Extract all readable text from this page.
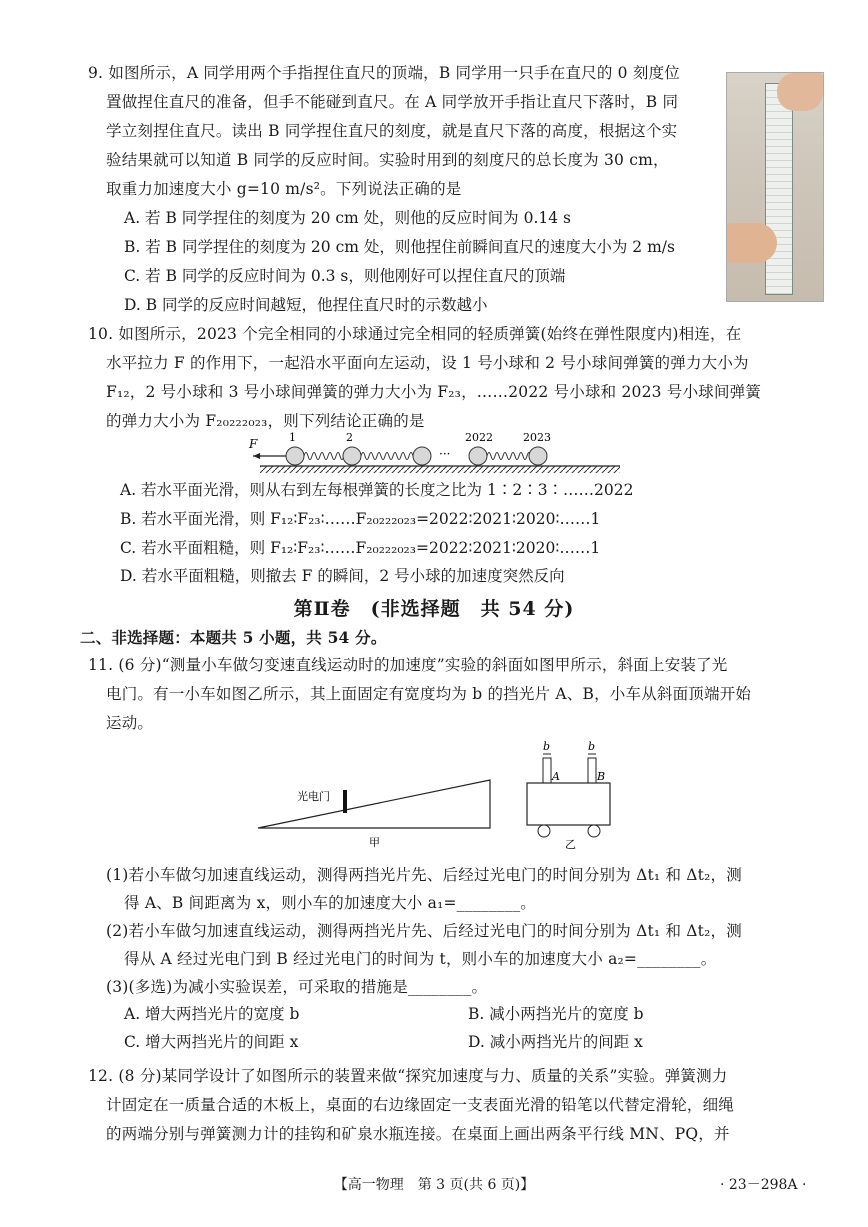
9. 如图所示，A 同学用两个手指捏住直尺的顶端，B 同学用一只手在直尺的 0 刻度位
置做捏住直尺的准备，但手不能碰到直尺。在 A 同学放开手指让直尺下落时，B 同
学立刻捏住直尺。读出 B 同学捏住直尺的刻度，就是直尺下落的高度，根据这个实
验结果就可以知道 B 同学的反应时间。实验时用到的刻度尺的总长度为 30 cm，
取重力加速度大小 g=10 m/s²。下列说法正确的是
A. 若 B 同学捏住的刻度为 20 cm 处，则他的反应时间为 0.14 s
B. 若 B 同学捏住的刻度为 20 cm 处，则他捏住前瞬间直尺的速度大小为 2 m/s
C. 若 B 同学的反应时间为 0.3 s，则他刚好可以捏住直尺的顶端
D. B 同学的反应时间越短，他捏住直尺时的示数越小
10. 如图所示，2023 个完全相同的小球通过完全相同的轻质弹簧(始终在弹性限度内)相连，在
水平拉力 F 的作用下，一起沿水平面向左运动，设 1 号小球和 2 号小球间弹簧的弹力大小为
F₁₂，2 号小球和 3 号小球间弹簧的弹力大小为 F₂₃，……2022 号小球和 2023 号小球间弹簧
的弹力大小为 F₂₀₂₂₂₀₂₃，则下列结论正确的是
F
···
1	2	2022	2023
A. 若水平面光滑，则从右到左每根弹簧的长度之比为 1∶2∶3∶……2022
B. 若水平面光滑，则 F₁₂∶F₂₃∶……F₂₀₂₂₂₀₂₃=2022∶2021∶2020∶……1
C. 若水平面粗糙，则 F₁₂∶F₂₃∶……F₂₀₂₂₂₀₂₃=2022∶2021∶2020∶……1
D. 若水平面粗糙，则撤去 F 的瞬间，2 号小球的加速度突然反向
第Ⅱ卷　(非选择题　共 54 分)
二、非选择题：本题共 5 小题，共 54 分。
11. (6 分)“测量小车做匀变速直线运动时的加速度”实验的斜面如图甲所示，斜面上安装了光
电门。有一小车如图乙所示，其上面固定有宽度均为 b 的挡光片 A、B，小车从斜面顶端开始
运动。
光电门
甲
b	b
A	B
乙
(1)若小车做匀加速直线运动，测得两挡光片先、后经过光电门的时间分别为 Δt₁ 和 Δt₂，测
得 A、B 间距离为 x，则小车的加速度大小 a₁=________。
(2)若小车做匀加速直线运动，测得两挡光片先、后经过光电门的时间分别为 Δt₁ 和 Δt₂，测
得从 A 经过光电门到 B 经过光电门的时间为 t，则小车的加速度大小 a₂=________。
(3)(多选)为减小实验误差，可采取的措施是________。
A. 增大两挡光片的宽度 b	B. 减小两挡光片的宽度 b
C. 增大两挡光片的间距 x	D. 减小两挡光片的间距 x
12. (8 分)某同学设计了如图所示的装置来做“探究加速度与力、质量的关系”实验。弹簧测力
计固定在一质量合适的木板上，桌面的右边缘固定一支表面光滑的铅笔以代替定滑轮，细绳
的两端分别与弹簧测力计的挂钩和矿泉水瓶连接。在桌面上画出两条平行线 MN、PQ，并
【高一物理　第 3 页(共 6 页)】	· 23－298A ·
